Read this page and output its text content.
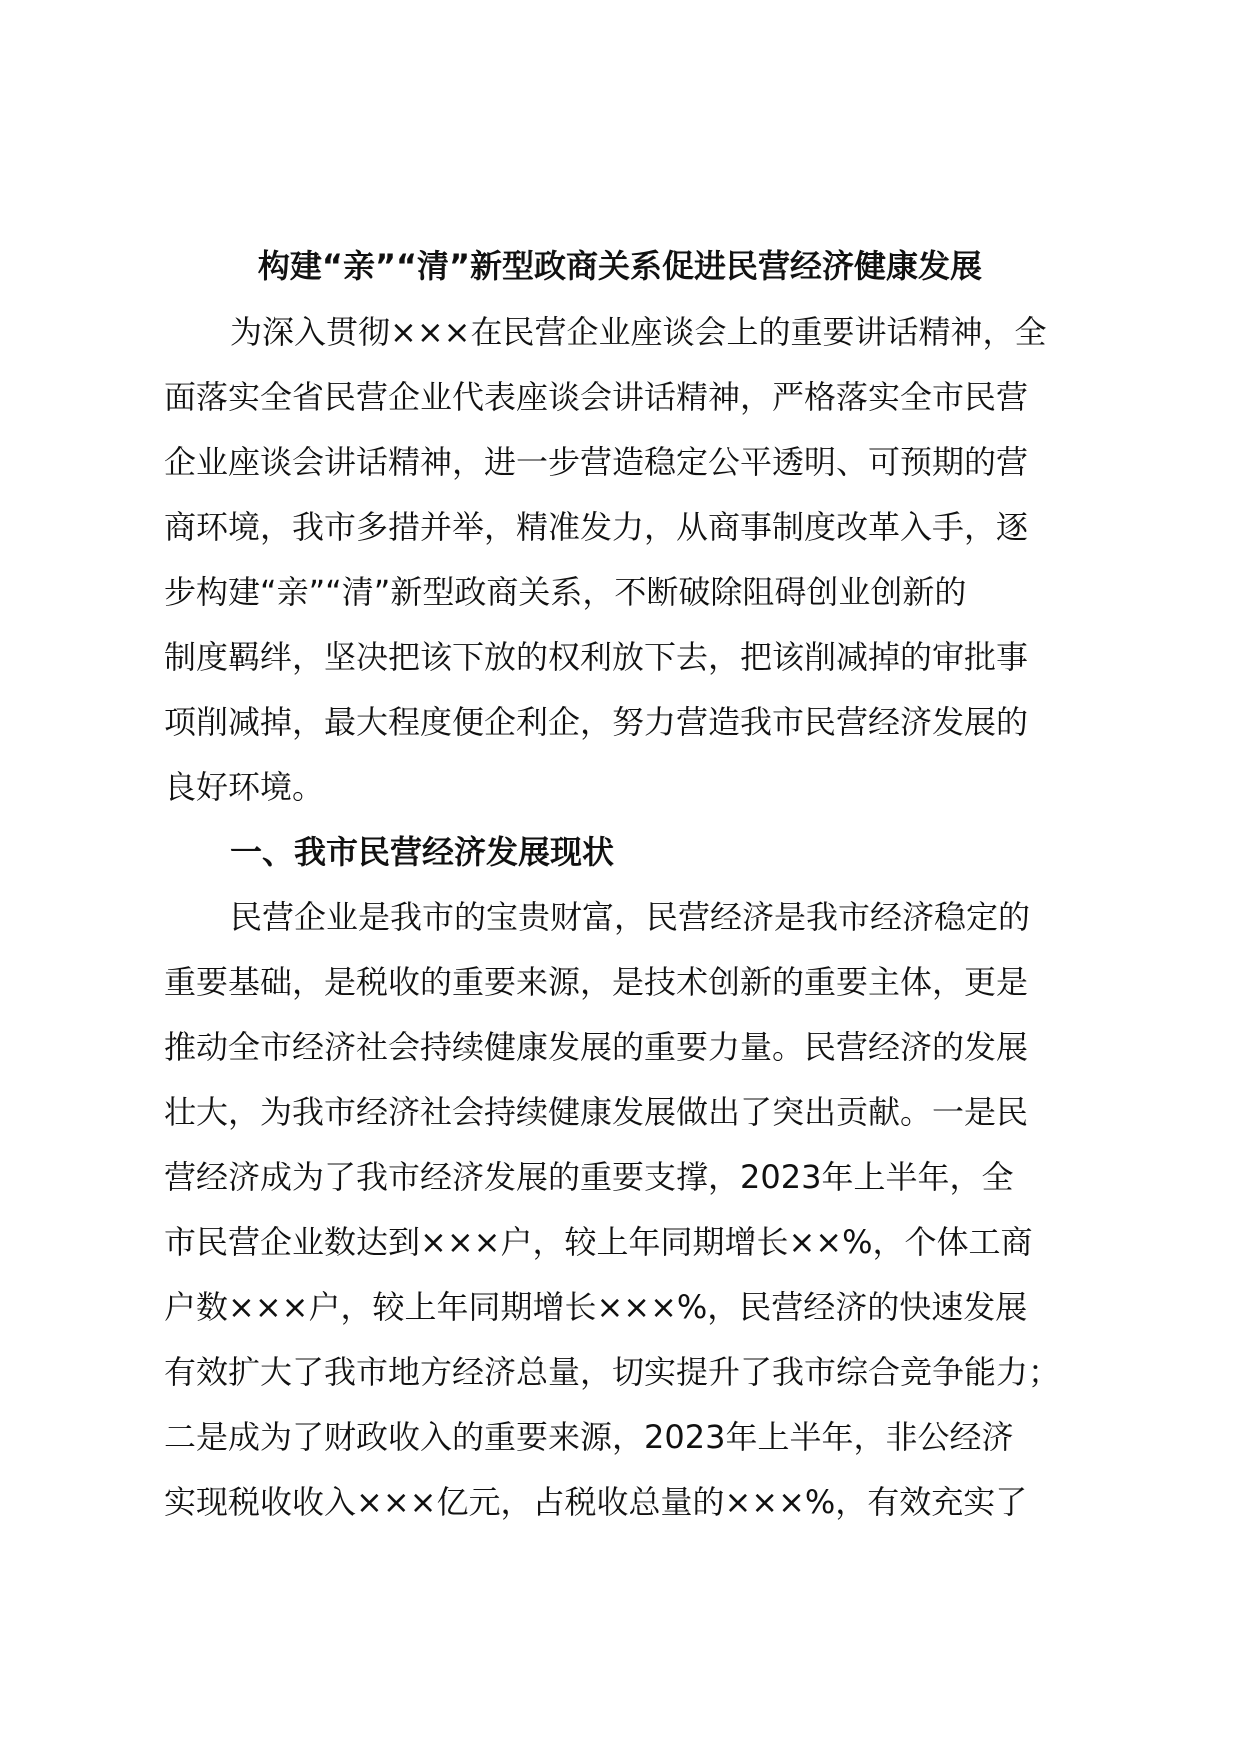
构建“亲”“清”新型政商关系促进民营经济健康发展

为深入贯彻×××在民营企业座谈会上的重要讲话精神，全

面落实全省民营企业代表座谈会讲话精神，严格落实全市民营

企业座谈会讲话精神，进一步营造稳定公平透明、可预期的营

商环境，我市多措并举，精准发力，从商事制度改革入手，逐

步构建“亲”“清”新型政商关系，不断破除阻碍创业创新的

制度羁绊，坚决把该下放的权利放下去，把该削减掉的审批事

项削减掉，最大程度便企利企，努力营造我市民营经济发展的

良好环境。

一、我市民营经济发展现状

民营企业是我市的宝贵财富，民营经济是我市经济稳定的

重要基础，是税收的重要来源，是技术创新的重要主体，更是

推动全市经济社会持续健康发展的重要力量。民营经济的发展

壮大，为我市经济社会持续健康发展做出了突出贡献。一是民

营经济成为了我市经济发展的重要支撑，2023年上半年，全

市民营企业数达到×××户，较上年同期增长××%，个体工商

户数×××户，较上年同期增长×××%，民营经济的快速发展

有效扩大了我市地方经济总量，切实提升了我市综合竞争能力；

二是成为了财政收入的重要来源，2023年上半年，非公经济

实现税收收入×××亿元，占税收总量的×××%，有效充实了
